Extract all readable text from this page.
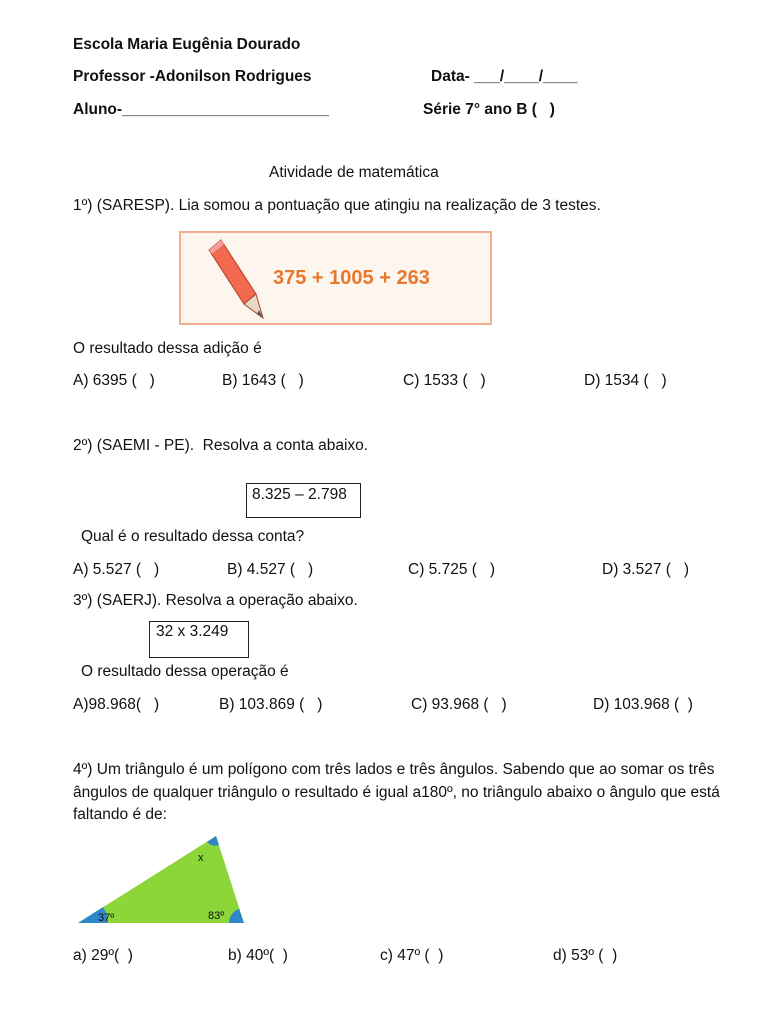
Escola Maria Eugênia Dourado
Professor -Adonilson Rodrigues	Data- ___/____/____
Aluno-________________________	Série 7° ano B (   )
Atividade de matemática
1º) (SARESP). Lia somou a pontuação que atingiu na realização de 3 testes.
375 + 1005 + 263
O resultado dessa adição é
A) 6395 (   )	B) 1643 (   )	C) 1533 (   )	D) 1534 (   )
2º) (SAEMI - PE).  Resolva a conta abaixo.
8.325 – 2.798
Qual é o resultado dessa conta?
A) 5.527 (   )	B) 4.527 (   )	C) 5.725 (   )	D) 3.527 (   )
3º) (SAERJ). Resolva a operação abaixo.
32 x 3.249
O resultado dessa operação é
A)98.968(   )	B) 103.869 (   )	C) 93.968 (   )	D) 103.968 (  )
4º) Um triângulo é um polígono com três lados e três ângulos. Sabendo que ao somar os três ângulos de qualquer triângulo o resultado é igual a180º, no triângulo abaixo o ângulo que está faltando é de:
x
37º	83º
a) 29º(  )	b) 40º(  )	c) 47º (  )	d) 53º (  )
